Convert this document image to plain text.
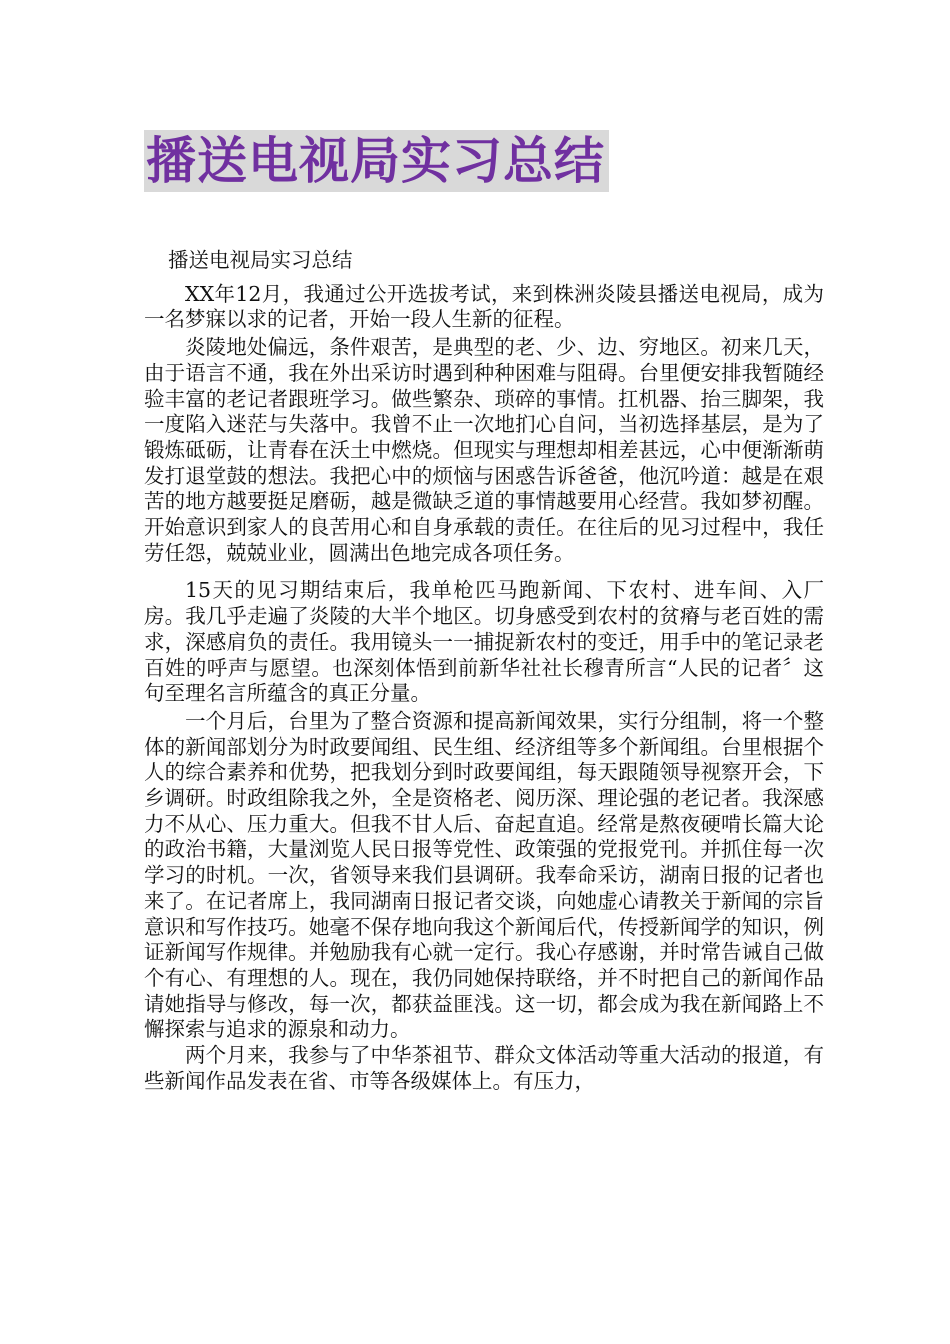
播送电视局实习总结

播送电视局实习总结

XX年12月，我通过公开选拔考试，来到株洲炎陵县播送电视局，成为一名梦寐以求的记者，开始一段人生新的征程。

炎陵地处偏远，条件艰苦，是典型的老、少、边、穷地区。初来几天，由于语言不通，我在外出采访时遇到种种困难与阻碍。台里便安排我暂随经验丰富的老记者跟班学习。做些繁杂、琐碎的事情。扛机器、抬三脚架，我一度陷入迷茫与失落中。我曾不止一次地扪心自问，当初选择基层，是为了锻炼砥砺，让青春在沃土中燃烧。但现实与理想却相差甚远，心中便渐渐萌发打退堂鼓的想法。我把心中的烦恼与困惑告诉爸爸，他沉吟道：越是在艰苦的地方越要挺足磨砺，越是微缺乏道的事情越要用心经营。我如梦初醒。开始意识到家人的良苦用心和自身承载的责任。在往后的见习过程中，我任劳任怨，兢兢业业，圆满出色地完成各项任务。

15天的见习期结束后，我单枪匹马跑新闻、下农村、进车间、入厂房。我几乎走遍了炎陵的大半个地区。切身感受到农村的贫瘠与老百姓的需求，深感肩负的责任。我用镜头一一捕捉新农村的变迁，用手中的笔记录老百姓的呼声与愿望。也深刻体悟到前新华社社长穆青所言“人民的记者〞这句至理名言所蕴含的真正分量。

一个月后，台里为了整合资源和提高新闻效果，实行分组制，将一个整体的新闻部划分为时政要闻组、民生组、经济组等多个新闻组。台里根据个人的综合素养和优势，把我划分到时政要闻组，每天跟随领导视察开会，下乡调研。时政组除我之外，全是资格老、阅历深、理论强的老记者。我深感力不从心、压力重大。但我不甘人后、奋起直追。经常是熬夜硬啃长篇大论的政治书籍，大量浏览人民日报等党性、政策强的党报党刊。并抓住每一次学习的时机。一次，省领导来我们县调研。我奉命采访，湖南日报的记者也来了。在记者席上，我同湖南日报记者交谈，向她虚心请教关于新闻的宗旨意识和写作技巧。她毫不保存地向我这个新闻后代，传授新闻学的知识，例证新闻写作规律。并勉励我有心就一定行。我心存感谢，并时常告诫自己做个有心、有理想的人。现在，我仍同她保持联络，并不时把自己的新闻作品请她指导与修改，每一次，都获益匪浅。这一切，都会成为我在新闻路上不懈探索与追求的源泉和动力。

两个月来，我参与了中华茶祖节、群众文体活动等重大活动的报道，有些新闻作品发表在省、市等各级媒体上。有压力，
